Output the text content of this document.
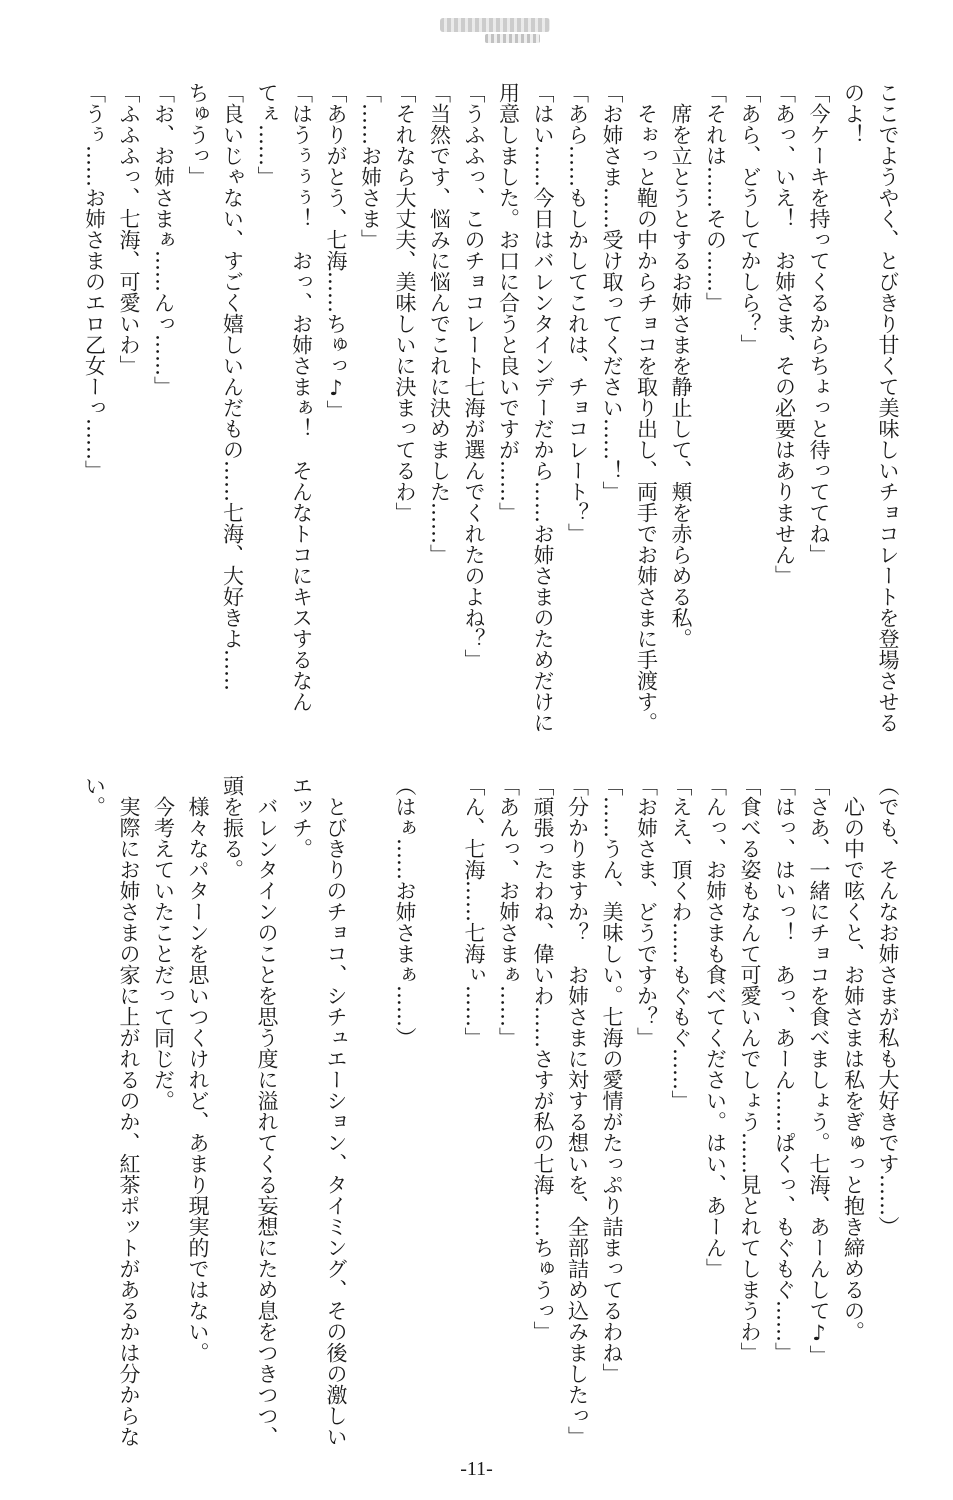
ここでようやく、とびきり甘くて美味しいチョコレートを登場させる
のよ！
「今ケーキを持ってくるからちょっと待っててね」
「あっ、いえ！　お姉さま、その必要はありません」
「あら、どうしてかしら？」
「それは……その……」
　席を立とうとするお姉さまを静止して、頬を赤らめる私。
　そぉっと鞄の中からチョコを取り出し、両手でお姉さまに手渡す。
「お姉さま……受け取ってください……！」
「あら……もしかしてこれは、チョコレート？」
「はい……今日はバレンタインデーだから……お姉さまのためだけに
用意しました。お口に合うと良いですが……」
「うふふっ、このチョコレート七海が選んでくれたのよね？」
「当然です、悩みに悩んでこれに決めました……」
「それなら大丈夫、美味しいに決まってるわ」
「……お姉さま」
「ありがとう、七海……ちゅっ♪」
「はうぅぅぅ！　おっ、お姉さまぁ！　そんなトコにキスするなん
てぇ……」
「良いじゃない、すごく嬉しいんだもの……七海、大好きよ……
ちゅうっ」
「お、お姉さまぁ……んっ……」
「ふふふっ、七海、可愛いわ」
「うぅ……お姉さまのエロ乙女ーっ……」
（でも、そんなお姉さまが私も大好きです……）
　心の中で呟くと、お姉さまは私をぎゅっと抱き締めるの。
「さあ、一緒にチョコを食べましょう。七海、あーんして♪」
「はっ、はいっ！　あっ、あーん……ぱくっ、もぐもぐ……」
「食べる姿もなんて可愛いんでしょう……見とれてしまうわ」
「んっ、お姉さまも食べてください。はい、あーん」
「ええ、頂くわ……もぐもぐ……」
「お姉さま、どうですか？」
「……うん、美味しい。七海の愛情がたっぷり詰まってるわね」
「分かりますか？　お姉さまに対する想いを、全部詰め込みましたっ」
「頑張ったわね、偉いわ……さすが私の七海……ちゅうっ」
「あんっ、お姉さまぁ……」
「ん、七海……七海ぃ……」

（はぁ……お姉さまぁ……）

　とびきりのチョコ、シチュエーション、タイミング、その後の激しい
エッチ。
　バレンタインのことを思う度に溢れてくる妄想にため息をつきつつ、
頭を振る。
　様々なパターンを思いつくけれど、あまり現実的ではない。
　今考えていたことだって同じだ。
　実際にお姉さまの家に上がれるのか、紅茶ポットがあるかは分からな
い。
-11-
